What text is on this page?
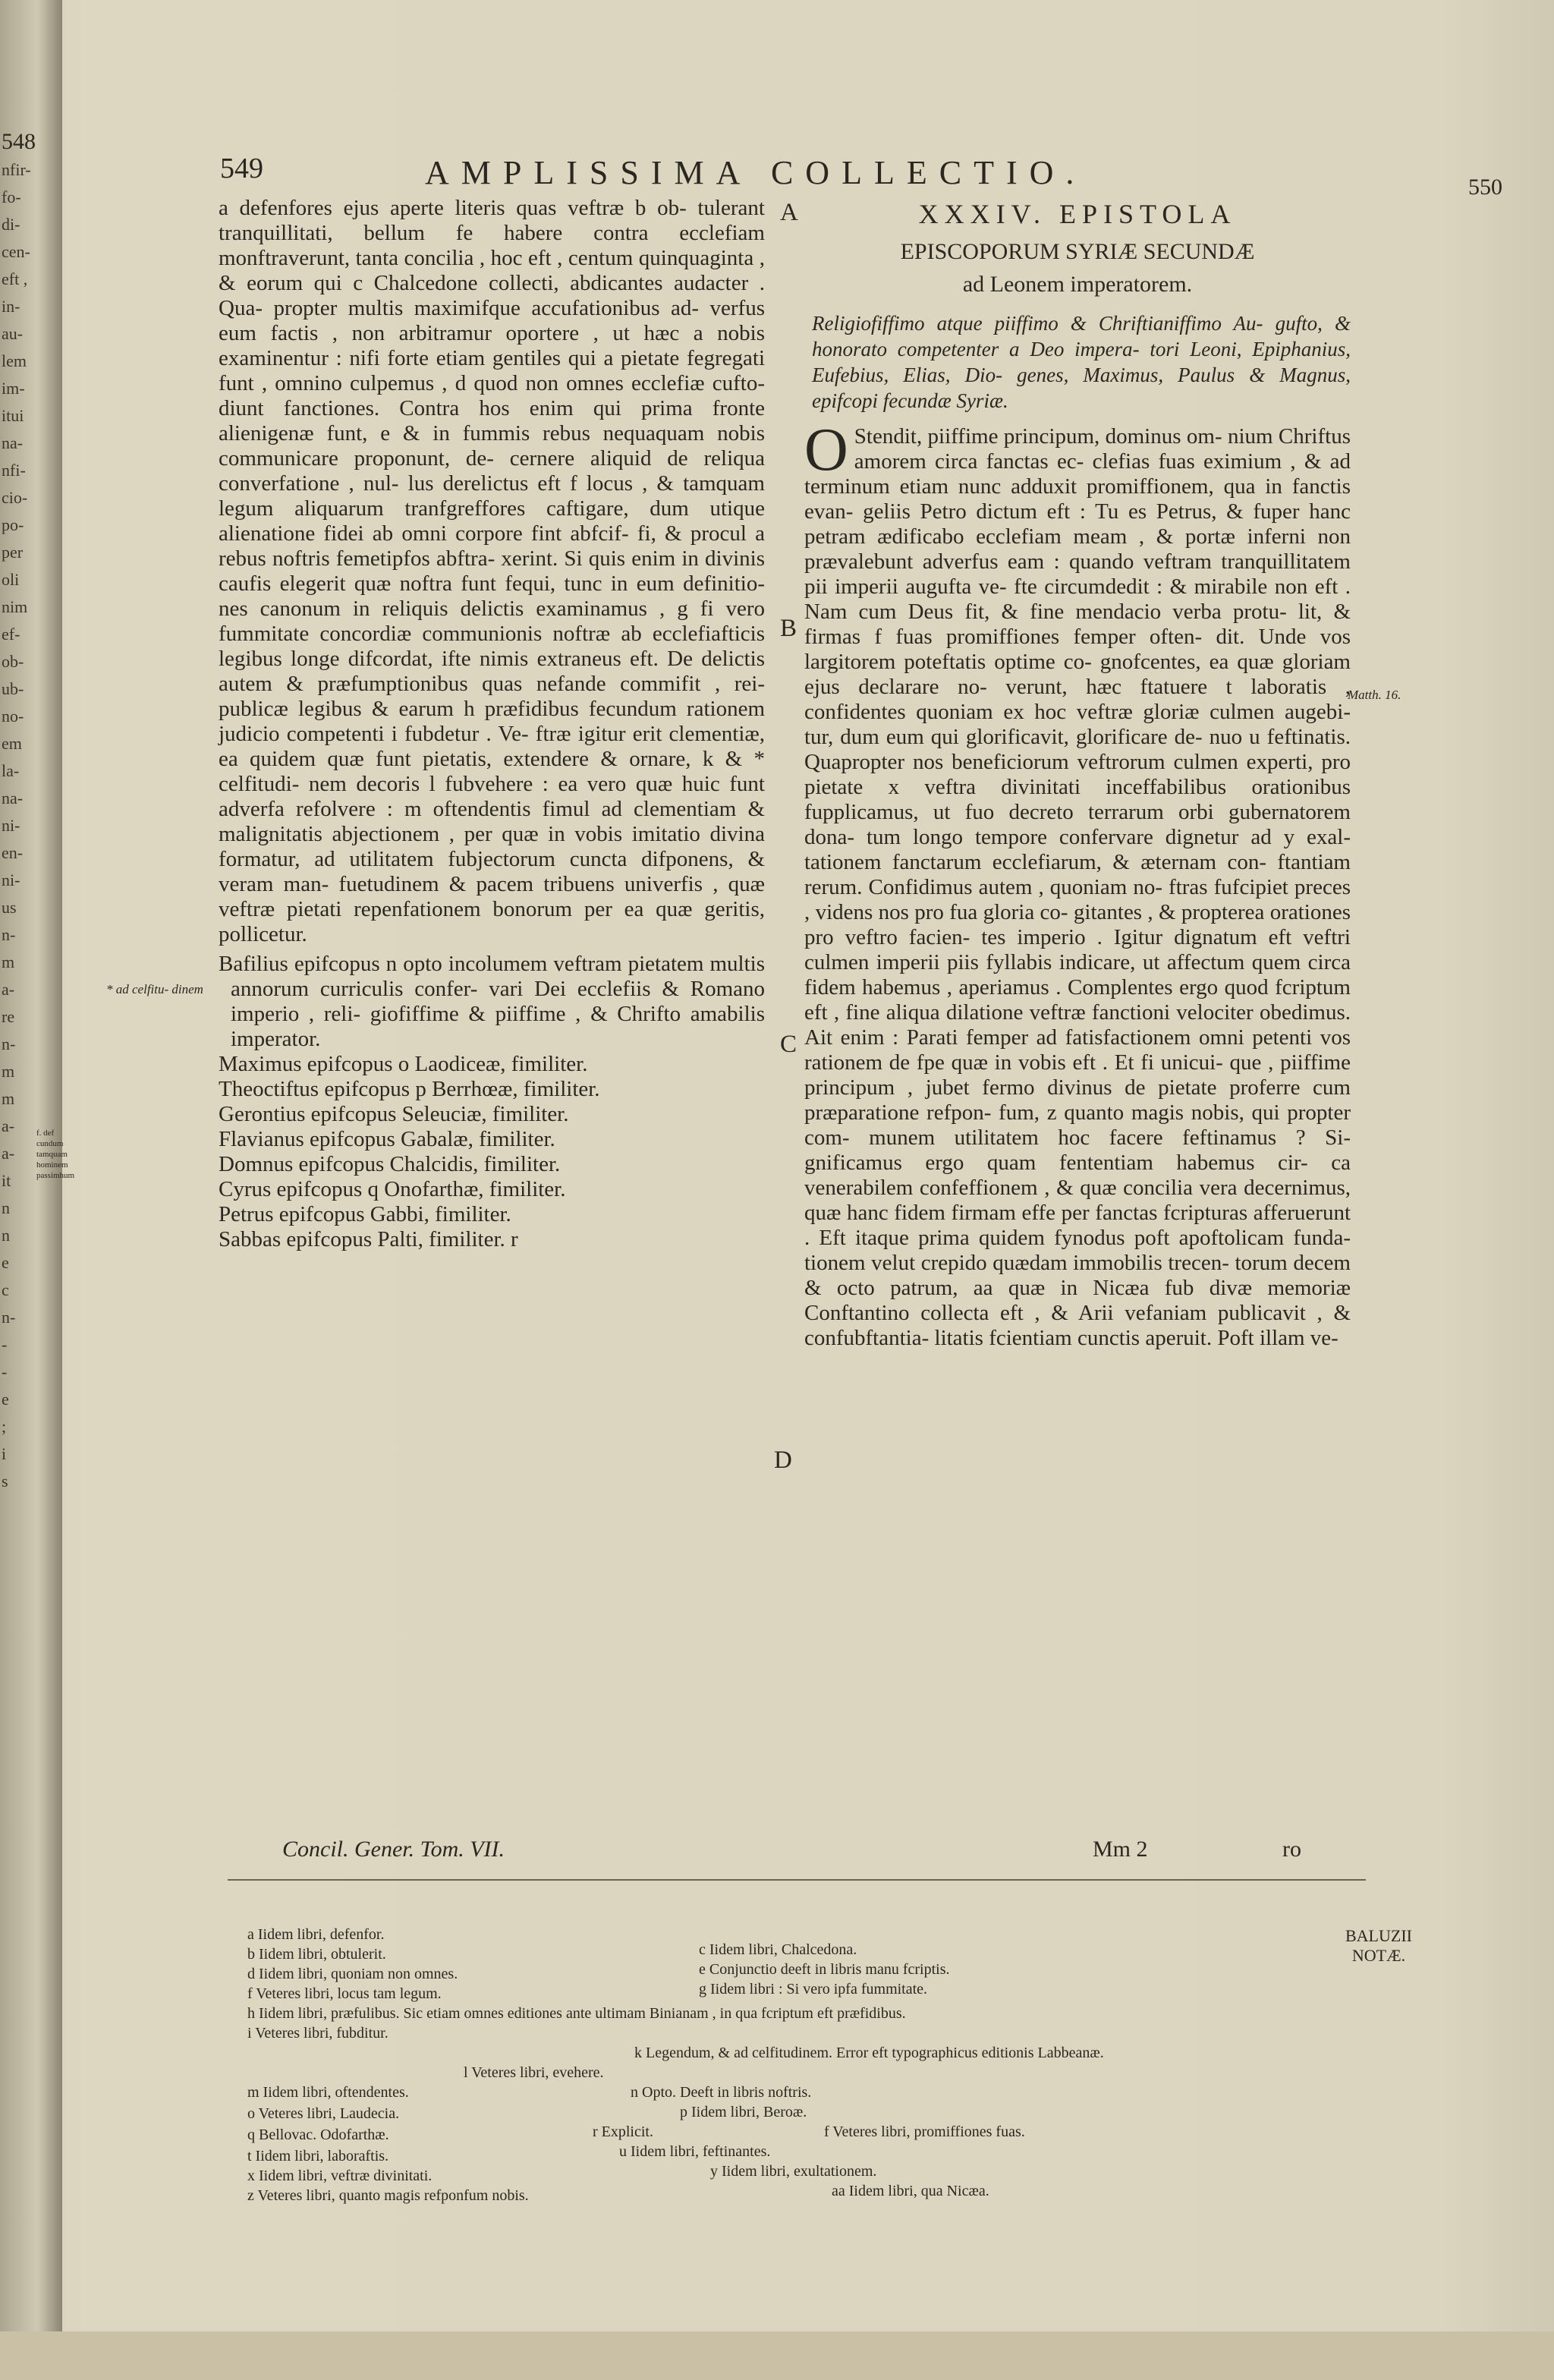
548

nfir-
fo-
di-
cen-
eft ,
in-
au-
lem
im-
itui
na-
nfi-
cio-
po-
per
oli
nim
ef-
ob-
ub-
no-
em
la-
na-
ni-
en-
ni-
us
n-
m
a-
re
n-
m
m
a-
a-
it
n
n
e
c
n-
-
-
e
;
i
s
f. def
cundum
tamquam
hominem
passimhum
549	AMPLISSIMA COLLECTIO.	550

a defenfores ejus aperte literis quas veftræ b ob- tulerant tranquillitati, bellum fe habere contra ecclefiam monftraverunt, tanta concilia , hoc eft , centum quinquaginta , & eorum qui c Chalcedone collecti, abdicantes audacter . Qua- propter multis maximifque accufationibus ad- verfus eum factis , non arbitramur oportere , ut hæc a nobis examinentur : nifi forte etiam gentiles qui a pietate fegregati funt , omnino culpemus , d quod non omnes ecclefiæ cufto- diunt fanctiones. Contra hos enim qui prima fronte alienigenæ funt, e & in fummis rebus nequaquam nobis communicare proponunt, de- cernere aliquid de reliqua converfatione , nul- lus derelictus eft f locus , & tamquam legum aliquarum tranfgreffores caftigare, dum utique alienatione fidei ab omni corpore fint abfcif- fi, & procul a rebus noftris femetipfos abftra- xerint. Si quis enim in divinis caufis elegerit quæ noftra funt fequi, tunc in eum definitio- nes canonum in reliquis delictis examinamus , g fi vero fummitate concordiæ communionis noftræ ab ecclefiafticis legibus longe difcordat, ifte nimis extraneus eft. De delictis autem & præfumptionibus quas nefande commifit , rei- publicæ legibus & earum h præfidibus fecundum rationem judicio competenti i fubdetur . Ve- ftræ igitur erit clementiæ, ea quidem quæ funt pietatis, extendere & ornare, k & * celfitudi- nem decoris l fubvehere : ea vero quæ huic funt adverfa refolvere : m oftendentis fimul ad clementiam & malignitatis abjectionem , per quæ in vobis imitatio divina formatur, ad utilitatem fubjectorum cuncta difponens, & veram man- fuetudinem & pacem tribuens univerfis , quæ veftræ pietati repenfationem bonorum per ea quæ geritis, pollicetur.

Bafilius epifcopus n opto incolumem veftram pietatem multis annorum curriculis confer- vari Dei ecclefiis & Romano imperio , reli- giofiffime & piiffime , & Chrifto amabilis imperator.

Maximus epifcopus o Laodiceæ, fimiliter.

Theoctiftus epifcopus p Berrhœæ, fimiliter.

Gerontius epifcopus Seleuciæ, fimiliter.

Flavianus epifcopus Gabalæ, fimiliter.

Domnus epifcopus Chalcidis, fimiliter.

Cyrus epifcopus q Onofarthæ, fimiliter.

Petrus epifcopus Gabbi, fimiliter.

Sabbas epifcopus Palti, fimiliter. r

* ad celfitu- dinem
A
B
C
D
XXXIV. EPISTOLA
EPISCOPORUM SYRIÆ SECUNDÆ
ad Leonem imperatorem.
Religiofiffimo atque piiffimo & Chriftianiffimo Au- gufto, & honorato competenter a Deo impera- tori Leoni, Epiphanius, Eufebius, Elias, Dio- genes, Maximus, Paulus & Magnus, epifcopi fecundæ Syriæ.

O Stendit, piiffime principum, dominus om- nium Chriftus amorem circa fanctas ec- clefias fuas eximium , & ad terminum etiam nunc adduxit promiffionem, qua in fanctis evan- geliis Petro dictum eft : Tu es Petrus, & fuper hanc petram ædificabo ecclefiam meam , & portæ inferni non prævalebunt adverfus eam : quando veftram tranquillitatem pii imperii augufta ve- fte circumdedit : & mirabile non eft . Nam cum Deus fit, & fine mendacio verba protu- lit, & firmas f fuas promiffiones femper often- dit. Unde vos largitorem poteftatis optime co- gnofcentes, ea quæ gloriam ejus declarare no- verunt, hæc ftatuere t laboratis , confidentes quoniam ex hoc veftræ gloriæ culmen augebi- tur, dum eum qui glorificavit, glorificare de- nuo u feftinatis. Quapropter nos beneficiorum veftrorum culmen experti, pro pietate x veftra divinitati inceffabilibus orationibus fupplicamus, ut fuo decreto terrarum orbi gubernatorem dona- tum longo tempore confervare dignetur ad y exal- tationem fanctarum ecclefiarum, & æternam con- ftantiam rerum. Confidimus autem , quoniam no- ftras fufcipiet preces , videns nos pro fua gloria co- gitantes , & propterea orationes pro veftro facien- tes imperio . Igitur dignatum eft veftri culmen imperii piis fyllabis indicare, ut affectum quem circa fidem habemus , aperiamus . Complentes ergo quod fcriptum eft , fine aliqua dilatione veftræ fanctioni velociter obedimus. Ait enim : Parati femper ad fatisfactionem omni petenti vos rationem de fpe quæ in vobis eft . Et fi unicui- que , piiffime principum , jubet fermo divinus de pietate proferre cum præparatione refpon- fum, z quanto magis nobis, qui propter com- munem utilitatem hoc facere feftinamus ? Si- gnificamus ergo quam fententiam habemus cir- ca venerabilem confeffionem , & quæ concilia vera decernimus, quæ hanc fidem firmam effe per fanctas fcripturas afferuerunt . Eft itaque prima quidem fynodus poft apoftolicam funda- tionem velut crepido quædam immobilis trecen- torum decem & octo patrum, aa quæ in Nicæa fub divæ memoriæ Conftantino collecta eft , & Arii vefaniam publicavit , & confubftantia- litatis fcientiam cunctis aperuit. Poft illam ve-

Matth. 16.
Concil. Gener. Tom. VII.	Mm 2	ro
BALUZII NOTÆ.
a Iidem libri, defenfor.
b Iidem libri, obtulerit.	c Iidem libri, Chalcedona.
d Iidem libri, quoniam non omnes.	e Conjunctio deeft in libris manu fcriptis.
f Veteres libri, locus tam legum.	g Iidem libri : Si vero ipfa fummitate.
h Iidem libri, præfulibus. Sic etiam omnes editiones ante ultimam Binianam , in qua fcriptum eft præfidibus.
i Veteres libri, fubditur.
k Legendum, & ad celfitudinem. Error eft typographicus editionis Labbeanæ.
l Veteres libri, evehere.
m Iidem libri, oftendentes.	n Opto. Deeft in libris noftris.
o Veteres libri, Laudecia.	p Iidem libri, Beroæ.
q Bellovac. Odofarthæ.	r Explicit.	f Veteres libri, promiffiones fuas.
t Iidem libri, laboraftis.	u Iidem libri, feftinantes.
x Iidem libri, veftræ divinitati.	y Iidem libri, exultationem.
z Veteres libri, quanto magis refponfum nobis.	aa Iidem libri, qua Nicæa.
